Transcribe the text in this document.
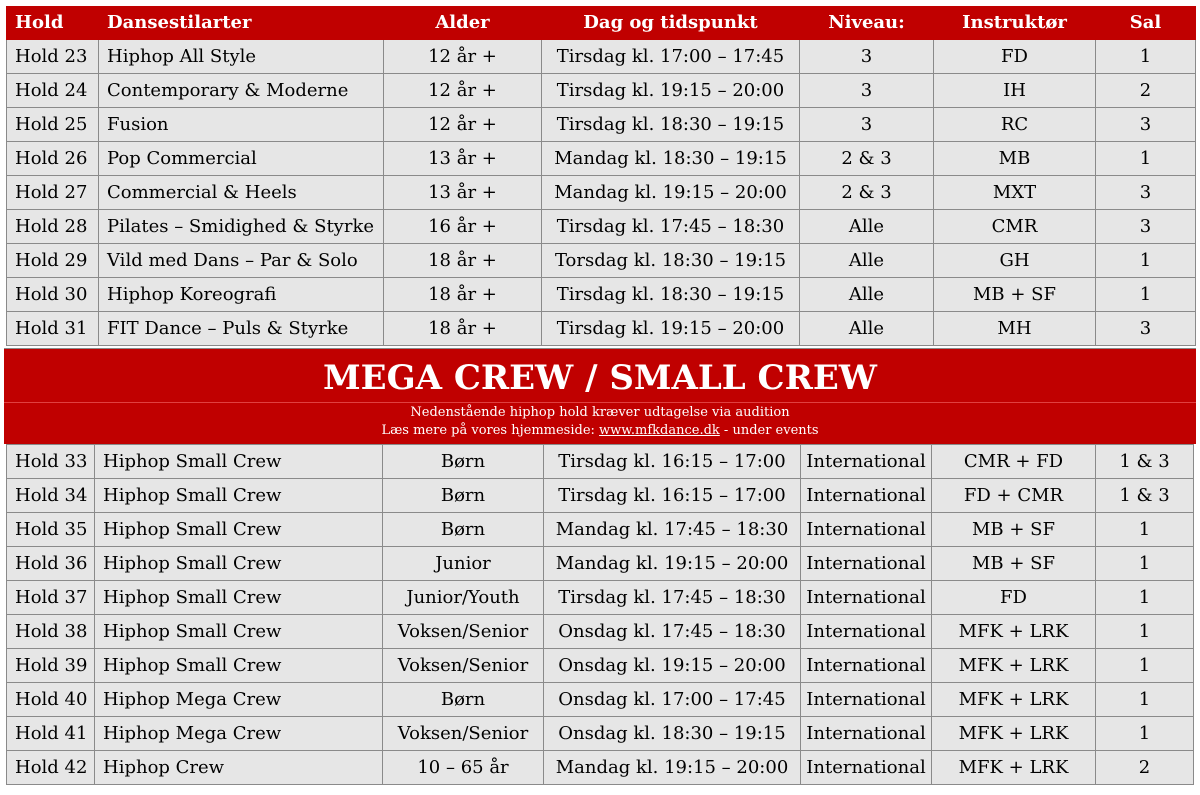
Hold	Dansestilarter	Alder	Dag og tidspunkt	Niveau:	Instruktør	Sal
Hold 23	Hiphop All Style	12 år +	Tirsdag kl. 17:00 – 17:45	3	FD	1
Hold 24	Contemporary & Moderne	12 år +	Tirsdag kl. 19:15 – 20:00	3	IH	2
Hold 25	Fusion	12 år +	Tirsdag kl. 18:30 – 19:15	3	RC	3
Hold 26	Pop Commercial	13 år +	Mandag kl. 18:30 – 19:15	2 & 3	MB	1
Hold 27	Commercial & Heels	13 år +	Mandag kl. 19:15 – 20:00	2 & 3	MXT	3
Hold 28	Pilates – Smidighed & Styrke	16 år +	Tirsdag kl. 17:45 – 18:30	Alle	CMR	3
Hold 29	Vild med Dans – Par & Solo	18 år +	Torsdag kl. 18:30 – 19:15	Alle	GH	1
Hold 30	Hiphop Koreografi	18 år +	Tirsdag kl. 18:30 – 19:15	Alle	MB + SF	1
Hold 31	FIT Dance – Puls & Styrke	18 år +	Tirsdag kl. 19:15 – 20:00	Alle	MH	3
MEGA CREW / SMALL CREW
Nedenstående hiphop hold kræver udtagelse via audition
Læs mere på vores hjemmeside: www.mfkdance.dk - under events
Hold 33	Hiphop Small Crew	Børn	Tirsdag kl. 16:15 – 17:00	International	CMR + FD	1 & 3
Hold 34	Hiphop Small Crew	Børn	Tirsdag kl. 16:15 – 17:00	International	FD + CMR	1 & 3
Hold 35	Hiphop Small Crew	Børn	Mandag kl. 17:45 – 18:30	International	MB + SF	1
Hold 36	Hiphop Small Crew	Junior	Mandag kl. 19:15 – 20:00	International	MB + SF	1
Hold 37	Hiphop Small Crew	Junior/Youth	Tirsdag kl. 17:45 – 18:30	International	FD	1
Hold 38	Hiphop Small Crew	Voksen/Senior	Onsdag kl. 17:45 – 18:30	International	MFK + LRK	1
Hold 39	Hiphop Small Crew	Voksen/Senior	Onsdag kl. 19:15 – 20:00	International	MFK + LRK	1
Hold 40	Hiphop Mega Crew	Børn	Onsdag kl. 17:00 – 17:45	International	MFK + LRK	1
Hold 41	Hiphop Mega Crew	Voksen/Senior	Onsdag kl. 18:30 – 19:15	International	MFK + LRK	1
Hold 42	Hiphop Crew	10 – 65 år	Mandag kl. 19:15 – 20:00	International	MFK + LRK	2
